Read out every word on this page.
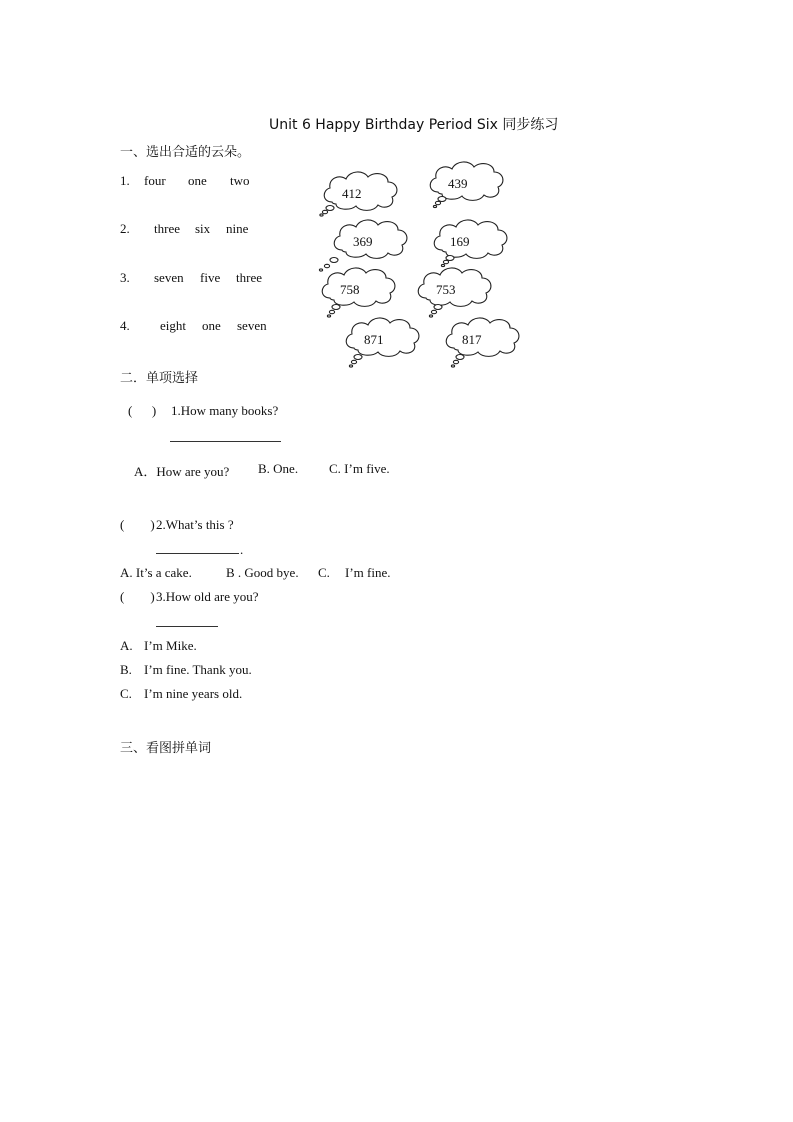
Unit 6 Happy Birthday Period Six 同步练习
一、选出合适的云朵。
1. four one two
2. three six nine
3. seven five three
4. eight one seven
412
439
369	169
758	753
871	817
二．单项选择
(      ) 1.How many books?
A．How are you? B. One. C. I’m five.
(        ) 2.What’s this ?
.
A. It’s a cake.	B . Good bye. C. I’m fine.
(        ) 3.How old are you?
A. I’m Mike.
B. I’m fine. Thank you.
C. I’m nine years old.
三、看图拼单词
